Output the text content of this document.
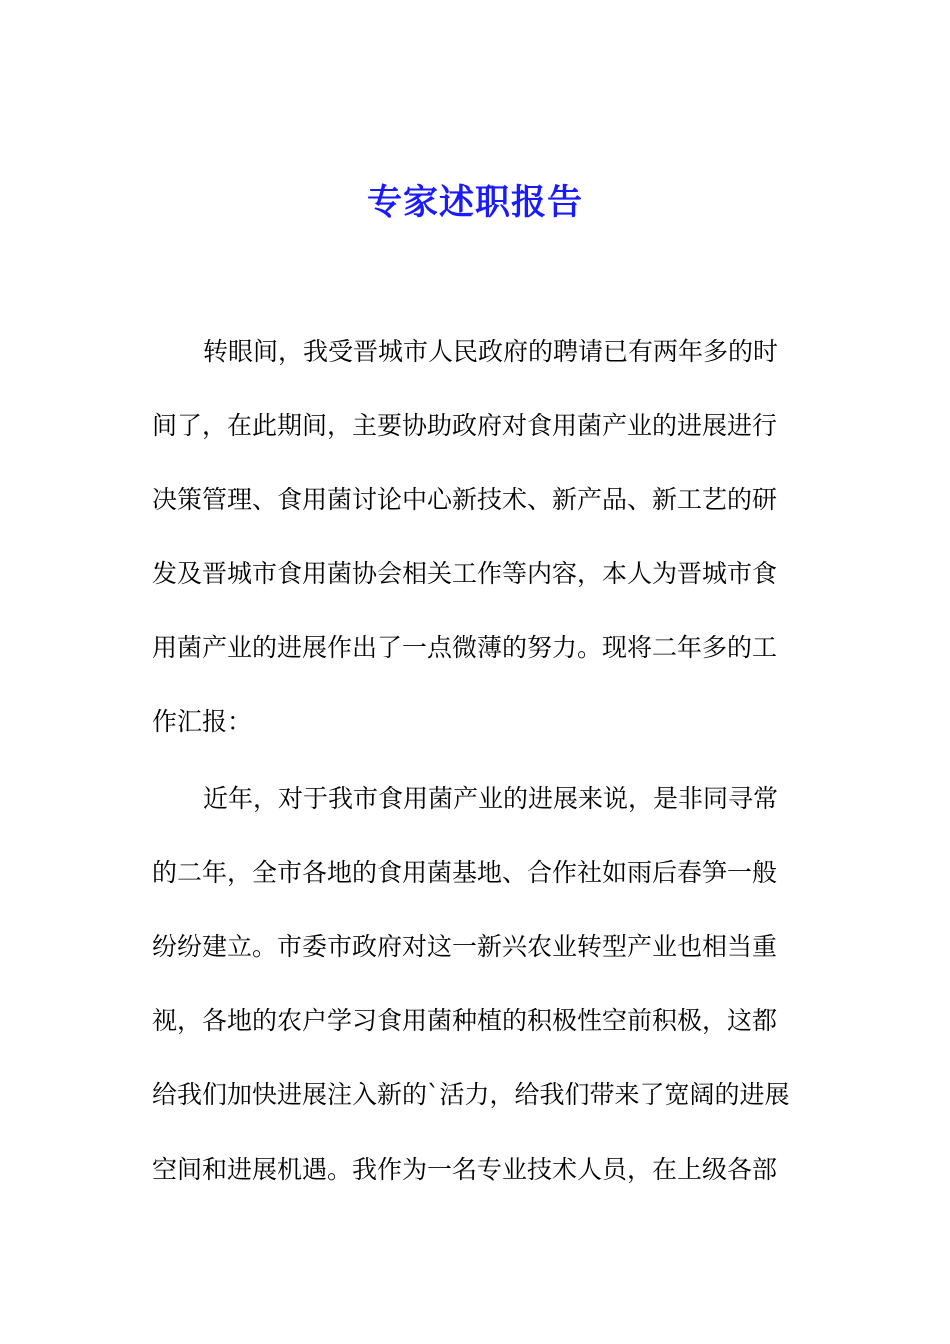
专家述职报告
转眼间，我受晋城市人民政府的聘请已有两年多的时
间了，在此期间，主要协助政府对食用菌产业的进展进行
决策管理、食用菌讨论中心新技术、新产品、新工艺的研
发及晋城市食用菌协会相关工作等内容，本人为晋城市食
用菌产业的进展作出了一点微薄的努力。现将二年多的工
作汇报：
近年，对于我市食用菌产业的进展来说，是非同寻常
的二年，全市各地的食用菌基地、合作社如雨后春笋一般
纷纷建立。市委市政府对这一新兴农业转型产业也相当重
视，各地的农户学习食用菌种植的积极性空前积极，这都
给我们加快进展注入新的`活力，给我们带来了宽阔的进展
空间和进展机遇。我作为一名专业技术人员，在上级各部
